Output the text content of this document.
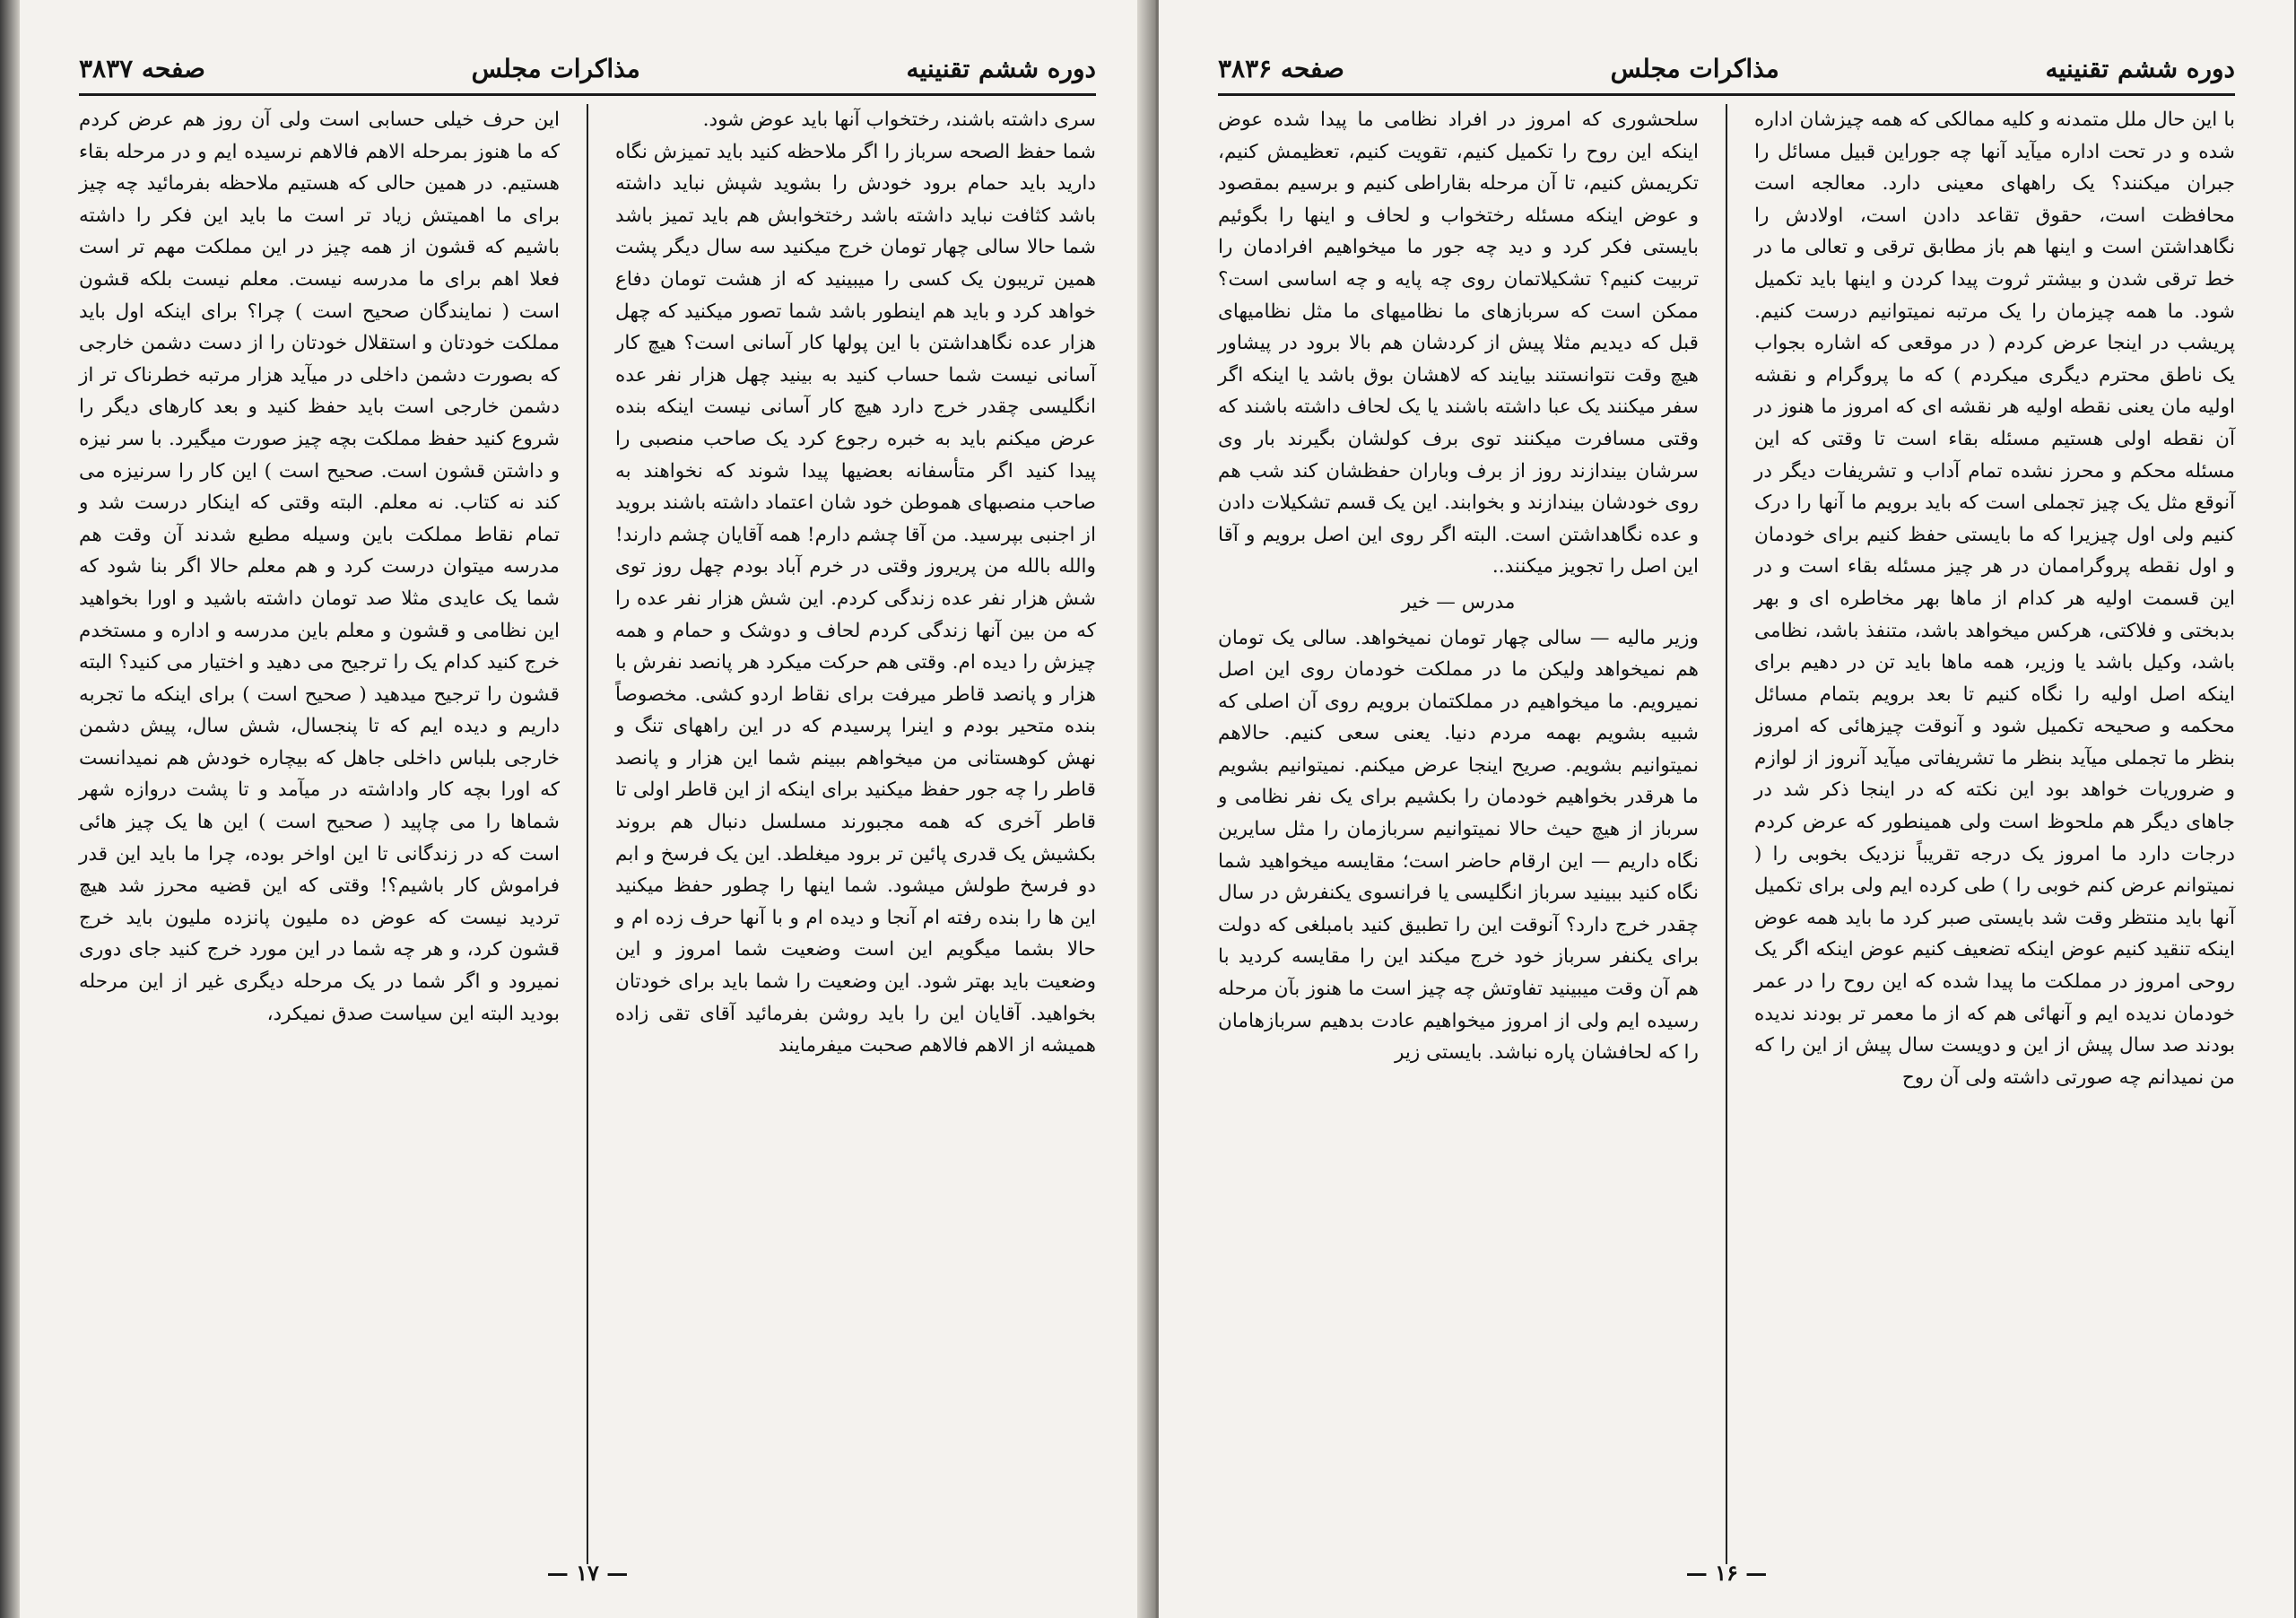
دوره ششم تقنینیه
مذاکرات مجلس
صفحه ۳۸۳۷

سری داشته باشند، رختخواب آنها باید عوض شود.

شما حفظ الصحه سرباز را اگر ملاحظه کنید باید تمیزش نگاه دارید باید حمام برود خودش را بشوید شپش نباید داشته باشد کثافت نباید داشته باشد رختخوابش هم باید تمیز باشد شما حالا سالی چهار تومان خرج میکنید سه سال دیگر پشت همین تریبون یک کسی را میبینید که از هشت تومان دفاع خواهد کرد و باید هم اینطور باشد شما تصور میکنید که چهل هزار عده نگاهداشتن با این پولها کار آسانی است؟ هیچ کار آسانی نیست شما حساب کنید به بینید چهل هزار نفر عده انگلیسی چقدر خرج دارد هیچ کار آسانی نیست اینکه بنده عرض میکنم باید به خبره رجوع کرد یک صاحب منصبی را پیدا کنید اگر متأسفانه بعضیها پیدا شوند که نخواهند به صاحب منصبهای هموطن خود شان اعتماد داشته باشند بروید از اجنبی بپرسید. من آقا چشم دارم! همه آقایان چشم دارند! والله بالله من پریروز وقتی در خرم آباد بودم چهل روز توی شش هزار نفر عده زندگی کردم. این شش هزار نفر عده را که من بین آنها زندگی کردم لحاف و دوشک و حمام و همه چیزش را دیده ام. وقتی هم حرکت میکرد هر پانصد نفرش با هزار و پانصد قاطر میرفت برای نقاط اردو کشی. مخصوصاً بنده متحیر بودم و اینرا پرسیدم که در این راههای تنگ و نهش کوهستانی من میخواهم ببینم شما این هزار و پانصد قاطر را چه جور حفظ میکنید برای اینکه از این قاطر اولی تا قاطر آخری که همه مجبورند مسلسل دنبال هم بروند بکشیش یک قدری پائین تر برود میغلطد. این یک فرسخ و ابم دو فرسخ طولش میشود. شما اینها را چطور حفظ میکنید این ها را بنده رفته ام آنجا و دیده ام و با آنها حرف زده ام و حالا بشما میگویم این است وضعیت شما امروز و این وضعیت باید بهتر شود. این وضعیت را شما باید برای خودتان بخواهید. آقایان این را باید روشن بفرمائید آقای تقی زاده همیشه از الاهم فالاهم صحبت میفرمایند

این حرف خیلی حسابی است ولی آن روز هم عرض کردم که ما هنوز بمرحله الاهم فالاهم نرسیده ایم و در مرحله بقاء هستیم. در همین حالی که هستیم ملاحظه بفرمائید چه چیز برای ما اهمیتش زیاد تر است ما باید این فکر را داشته باشیم که قشون از همه چیز در این مملکت مهم تر است فعلا اهم برای ما مدرسه نیست. معلم نیست بلکه قشون است ( نمایندگان صحیح است ) چرا؟ برای اینکه اول باید مملکت خودتان و استقلال خودتان را از دست دشمن خارجی که بصورت دشمن داخلی در میآید هزار مرتبه خطرناک تر از دشمن خارجی است باید حفظ کنید و بعد کارهای دیگر را شروع کنید حفظ مملکت بچه چیز صورت میگیرد. با سر نیزه و داشتن قشون است. صحیح است ) این کار را سرنیزه می کند نه کتاب. نه معلم. البته وقتی که اینکار درست شد و تمام نقاط مملکت باین وسیله مطیع شدند آن وقت هم مدرسه میتوان درست کرد و هم معلم حالا اگر بنا شود که شما یک عایدی مثلا صد تومان داشته باشید و اورا بخواهید این نظامی و قشون و معلم باین مدرسه و اداره و مستخدم خرج کنید کدام یک را ترجیح می دهید و اختیار می کنید؟ البته قشون را ترجیح میدهید ( صحیح است ) برای اینکه ما تجربه داریم و دیده ایم که تا پنجسال، شش سال، پیش دشمن خارجی بلباس داخلی جاهل که بیچاره خودش هم نمیدانست که اورا بچه کار واداشته در میآمد و تا پشت دروازه شهر شماها را می چاپید ( صحیح است ) این ها یک چیز هائی است که در زندگانی تا این اواخر بوده، چرا ما باید این قدر فراموش کار باشیم؟! وقتی که این قضیه محرز شد هیچ تردید نیست که عوض ده ملیون پانزده ملیون باید خرج قشون کرد، و هر چه شما در این مورد خرج کنید جای دوری نمیرود و اگر شما در یک مرحله دیگری غیر از این مرحله بودید البته این سیاست صدق نمیکرد،

— ۱۷ —
دوره ششم تقنینیه
مذاکرات مجلس
صفحه ۳۸۳۶

با این حال ملل متمدنه و کلیه ممالکی که همه چیزشان اداره شده و در تحت اداره میآید آنها چه جوراین قبیل مسائل را جبران میکنند؟ یک راههای معینی دارد. معالجه است محافظت است، حقوق تقاعد دادن است، اولادش را نگاهداشتن است و اینها هم باز مطابق ترقی و تعالی ما در خط ترقی شدن و بیشتر ثروت پیدا کردن و اینها باید تکمیل شود. ما همه چیزمان را یک مرتبه نمیتوانیم درست کنیم. پریشب در اینجا عرض کردم ( در موقعی که اشاره بجواب یک ناطق محترم دیگری میکردم ) که ما پروگرام و نقشه اولیه مان یعنی نقطه اولیه هر نقشه ای که امروز ما هنوز در آن نقطه اولی هستیم مسئله بقاء است تا وقتی که این مسئله محکم و محرز نشده تمام آداب و تشریفات دیگر در آنوقع مثل یک چیز تجملی است که باید برویم ما آنها را درک کنیم ولی اول چیزیرا که ما بایستی حفظ کنیم برای خودمان و اول نقطه پروگراممان در هر چیز مسئله بقاء است و در این قسمت اولیه هر کدام از ماها بهر مخاطره ای و بهر بدبختی و فلاکتی، هرکس میخواهد باشد، متنفذ باشد، نظامی باشد، وکیل باشد یا وزیر، همه ماها باید تن در دهیم برای اینکه اصل اولیه را نگاه کنیم تا بعد برویم بتمام مسائل محکمه و صحیحه تکمیل شود و آنوقت چیزهائی که امروز بنظر ما تجملی میآید بنظر ما تشریفاتی میآید آنروز از لوازم و ضروریات خواهد بود این نکته که در اینجا ذکر شد در جاهای دیگر هم ملحوظ است ولی همینطور که عرض کردم درجات دارد ما امروز یک درجه تقریباً نزدیک بخوبی را ( نمیتوانم عرض کنم خوبی را ) طی کرده ایم ولی برای تکمیل آنها باید منتظر وقت شد بایستی صبر کرد ما باید همه عوض اینکه تنقید کنیم عوض اینکه تضعیف کنیم عوض اینکه اگر یک روحی امروز در مملکت ما پیدا شده که این روح را در عمر خودمان ندیده ایم و آنهائی هم که از ما معمر تر بودند ندیده بودند صد سال پیش از این و دویست سال پیش از این را که من نمیدانم چه صورتی داشته ولی آن روح

سلحشوری که امروز در افراد نظامی ما پیدا شده عوض اینکه این روح را تکمیل کنیم، تقویت کنیم، تعظیمش کنیم، تکریمش کنیم، تا آن مرحله بقاراطی کنیم و برسیم بمقصود و عوض اینکه مسئله رختخواب و لحاف و اینها را بگوئیم بایستی فکر کرد و دید چه جور ما میخواهیم افرادمان را تربیت کنیم؟ تشکیلاتمان روی چه پایه و چه اساسی است؟ ممکن است که سربازهای ما نظامیهای ما مثل نظامیهای قبل که دیدیم مثلا پیش از کردشان هم بالا برود در پیشاور هیچ وقت نتوانستند بیایند که لاهشان بوق باشد یا اینکه اگر سفر میکنند یک عبا داشته باشند یا یک لحاف داشته باشند که وقتی مسافرت میکنند توی برف کولشان بگیرند بار وی سرشان بیندازند روز از برف وباران حفظشان کند شب هم روی خودشان بیندازند و بخوابند. این یک قسم تشکیلات دادن و عده نگاهداشتن است. البته اگر روی این اصل برویم و آقا این اصل را تجویز میکنند..

مدرس — خیر

وزیر مالیه — سالی چهار تومان نمیخواهد. سالی یک تومان هم نمیخواهد ولیکن ما در مملکت خودمان روی این اصل نمیرویم. ما میخواهیم در مملکتمان برویم روی آن اصلی که شبیه بشویم بهمه مردم دنیا. یعنی سعی کنیم. حالاهم نمیتوانیم بشویم. صریح اینجا عرض میکنم. نمیتوانیم بشویم ما هرقدر بخواهیم خودمان را بکشیم برای یک نفر نظامی و سرباز از هیچ حیث حالا نمیتوانیم سربازمان را مثل سایرین نگاه داریم — این ارقام حاضر است؛ مقایسه میخواهید شما نگاه کنید ببینید سرباز انگلیسی یا فرانسوی یکنفرش در سال چقدر خرج دارد؟ آنوقت این را تطبیق کنید بامبلغی که دولت برای یکنفر سرباز خود خرج میکند این را مقایسه کردید با هم آن وقت میبینید تفاوتش چه چیز است ما هنوز بآن مرحله رسیده ایم ولی از امروز میخواهیم عادت بدهیم سربازهامان را که لحافشان پاره نباشد. بایستی زیر

— ۱۶ —
